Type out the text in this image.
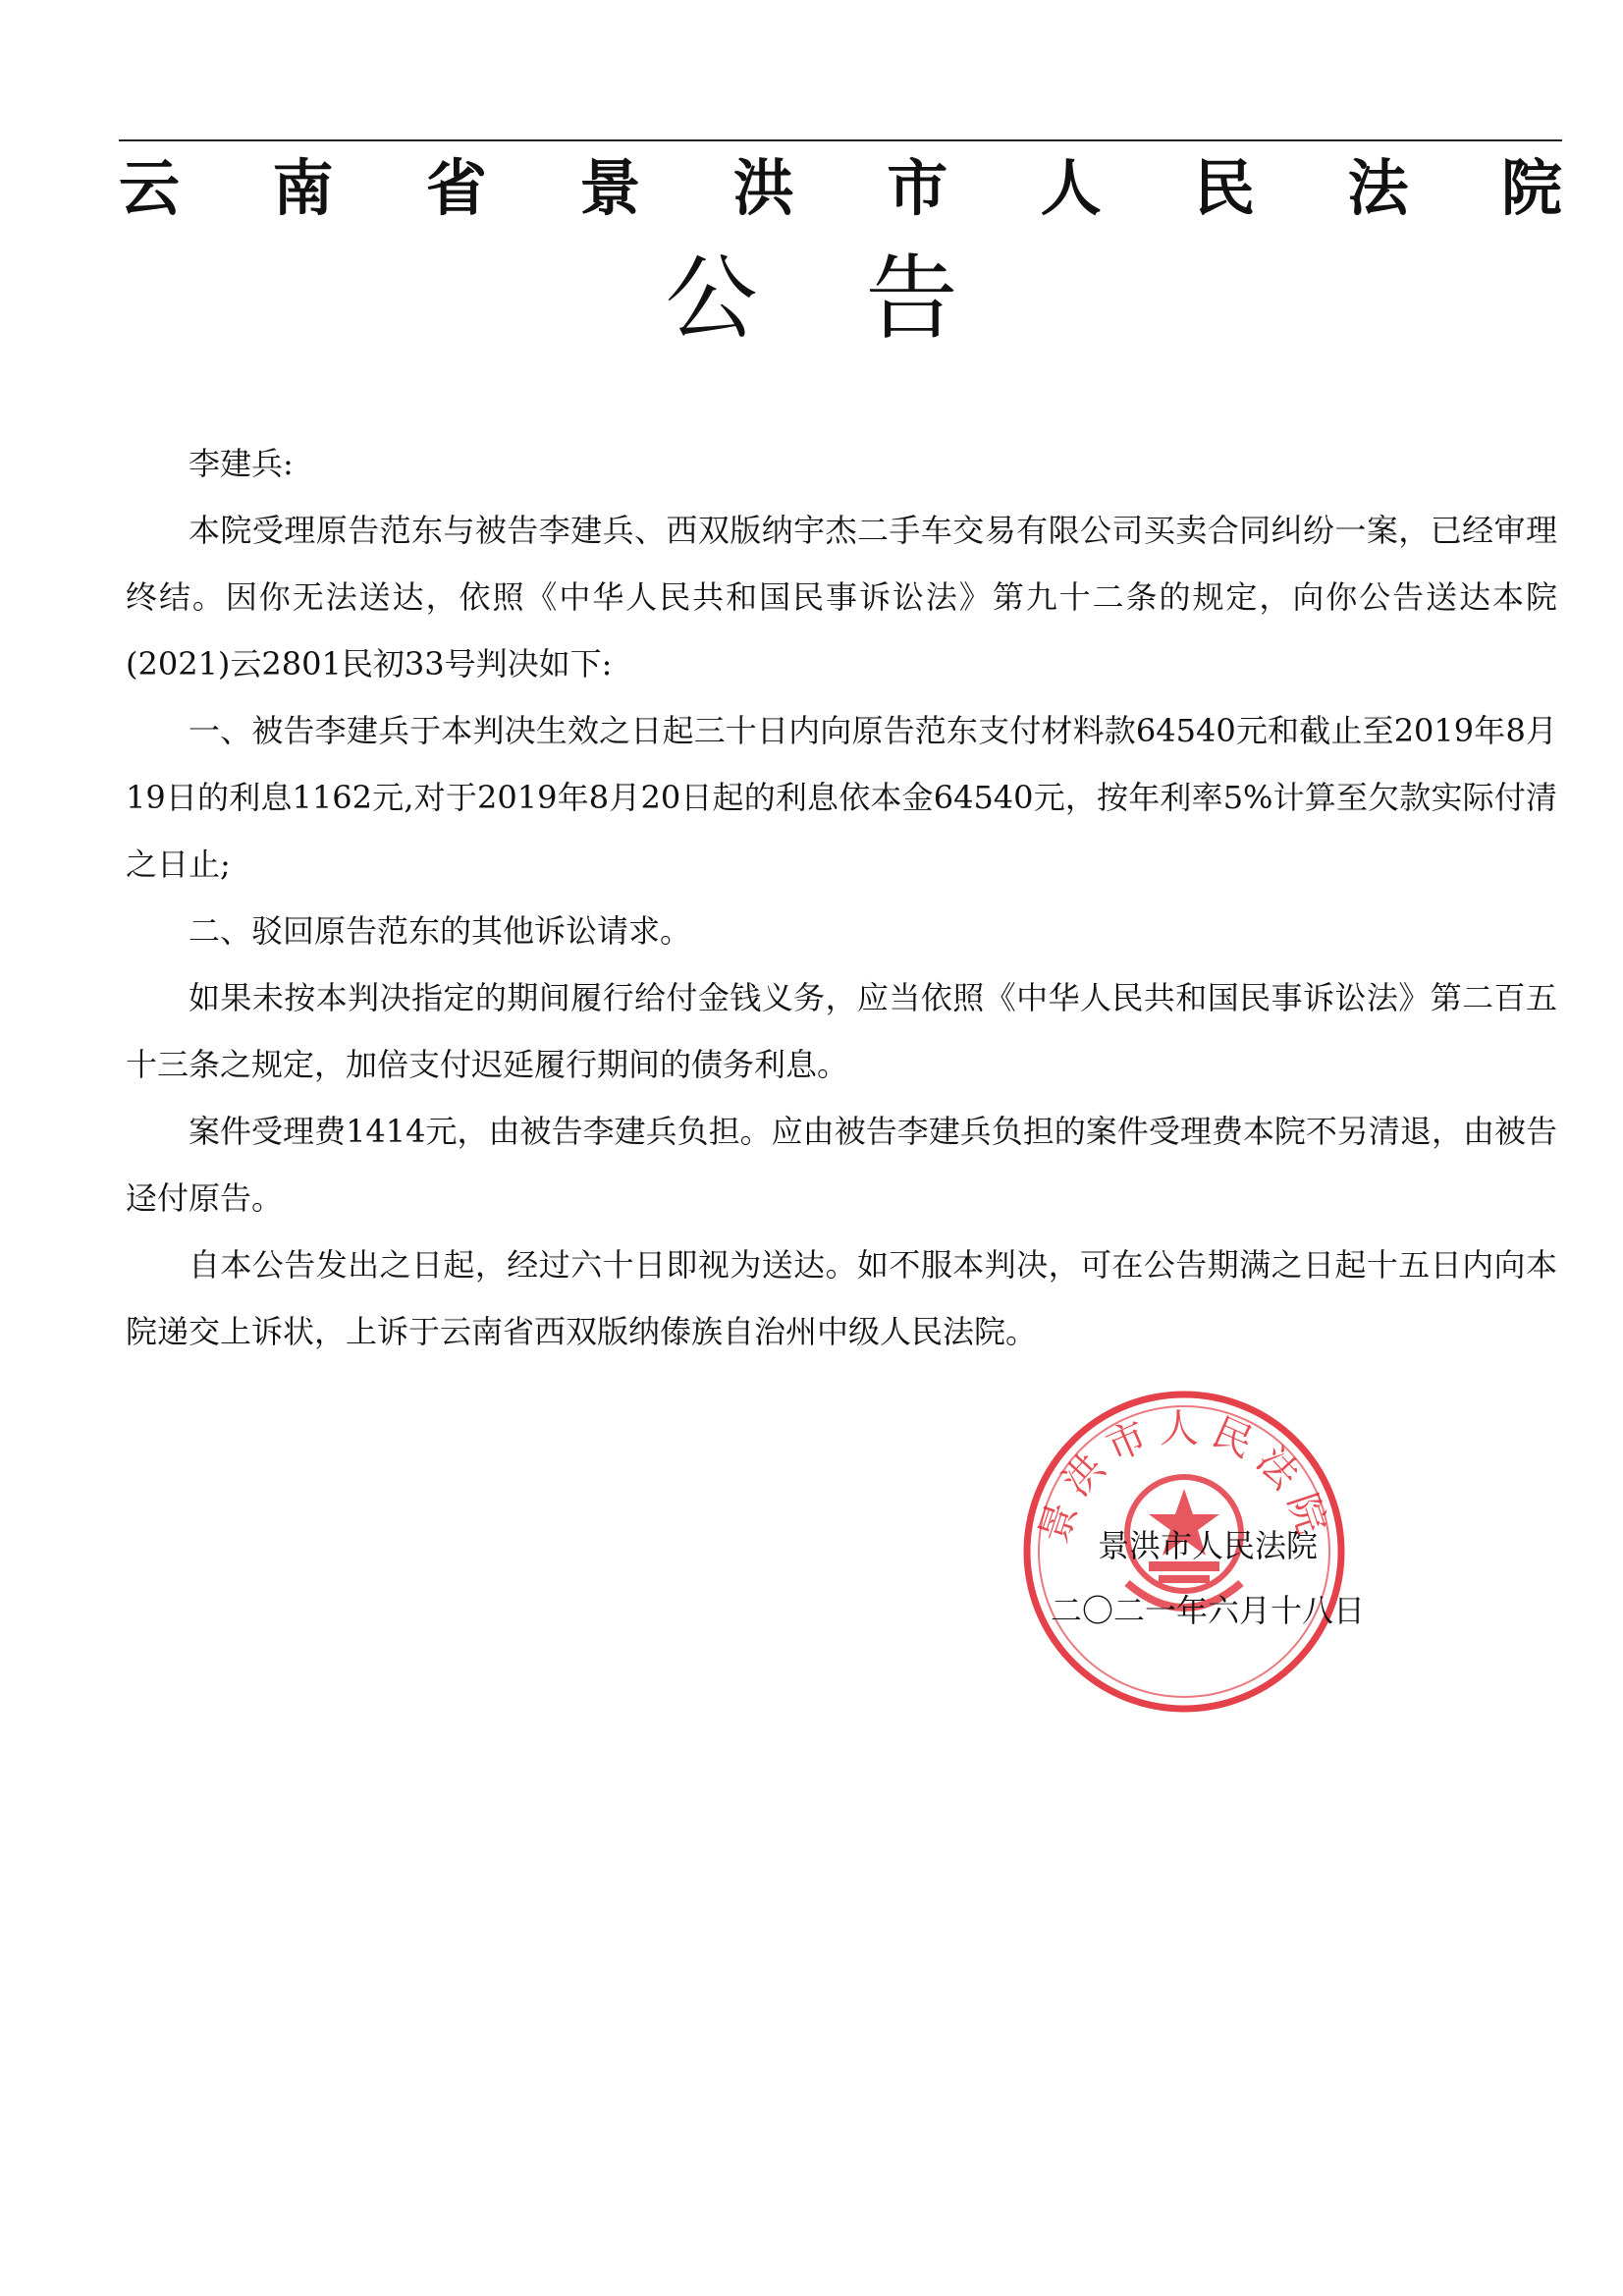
云 南 省 景 洪 市 人 民 法 院
公告

李建兵:

本院受理原告范东与被告李建兵、西双版纳宇杰二手车交易有限公司买卖合同纠纷一案，已经审理终结。因你无法送达，依照《中华人民共和国民事诉讼法》第九十二条的规定，向你公告送达本院(2021)云2801民初33号判决如下:

一、被告李建兵于本判决生效之日起三十日内向原告范东支付材料款64540元和截止至2019年8月19日的利息1162元,对于2019年8月20日起的利息依本金64540元，按年利率5%计算至欠款实际付清之日止;

二、驳回原告范东的其他诉讼请求。

如果未按本判决指定的期间履行给付金钱义务，应当依照《中华人民共和国民事诉讼法》第二百五十三条之规定，加倍支付迟延履行期间的债务利息。

案件受理费1414元，由被告李建兵负担。应由被告李建兵负担的案件受理费本院不另清退，由被告迳付原告。

自本公告发出之日起，经过六十日即视为送达。如不服本判决，可在公告期满之日起十五日内向本院递交上诉状，上诉于云南省西双版纳傣族自治州中级人民法院。

景洪市人民法院
景洪市人民法院
二〇二一年六月十八日
